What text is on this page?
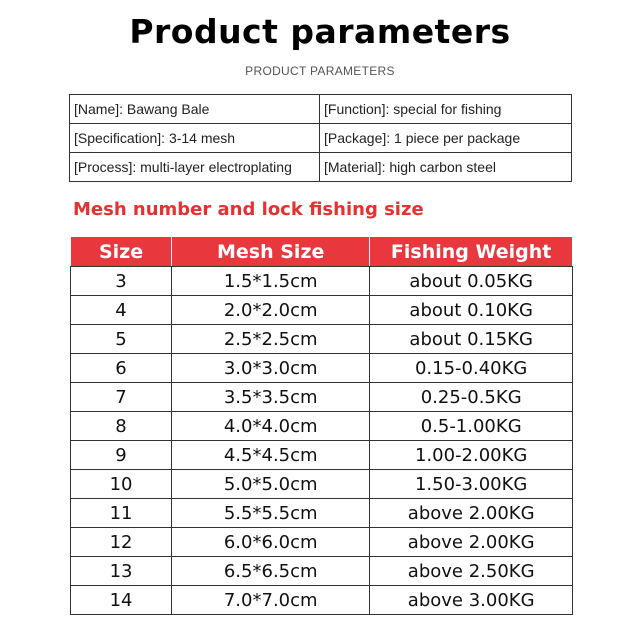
Product parameters
PRODUCT PARAMETERS
[Name]: Bawang Bale	[Function]: special for fishing
[Specification]: 3-14 mesh	[Package]: 1 piece per package
[Process]: multi-layer electroplating	[Material]: high carbon steel
Mesh number and lock fishing size
Size	Mesh Size	Fishing Weight
3	1.5*1.5cm	about 0.05KG
4	2.0*2.0cm	about 0.10KG
5	2.5*2.5cm	about 0.15KG
6	3.0*3.0cm	0.15-0.40KG
7	3.5*3.5cm	0.25-0.5KG
8	4.0*4.0cm	0.5-1.00KG
9	4.5*4.5cm	1.00-2.00KG
10	5.0*5.0cm	1.50-3.00KG
11	5.5*5.5cm	above 2.00KG
12	6.0*6.0cm	above 2.00KG
13	6.5*6.5cm	above 2.50KG
14	7.0*7.0cm	above 3.00KG
